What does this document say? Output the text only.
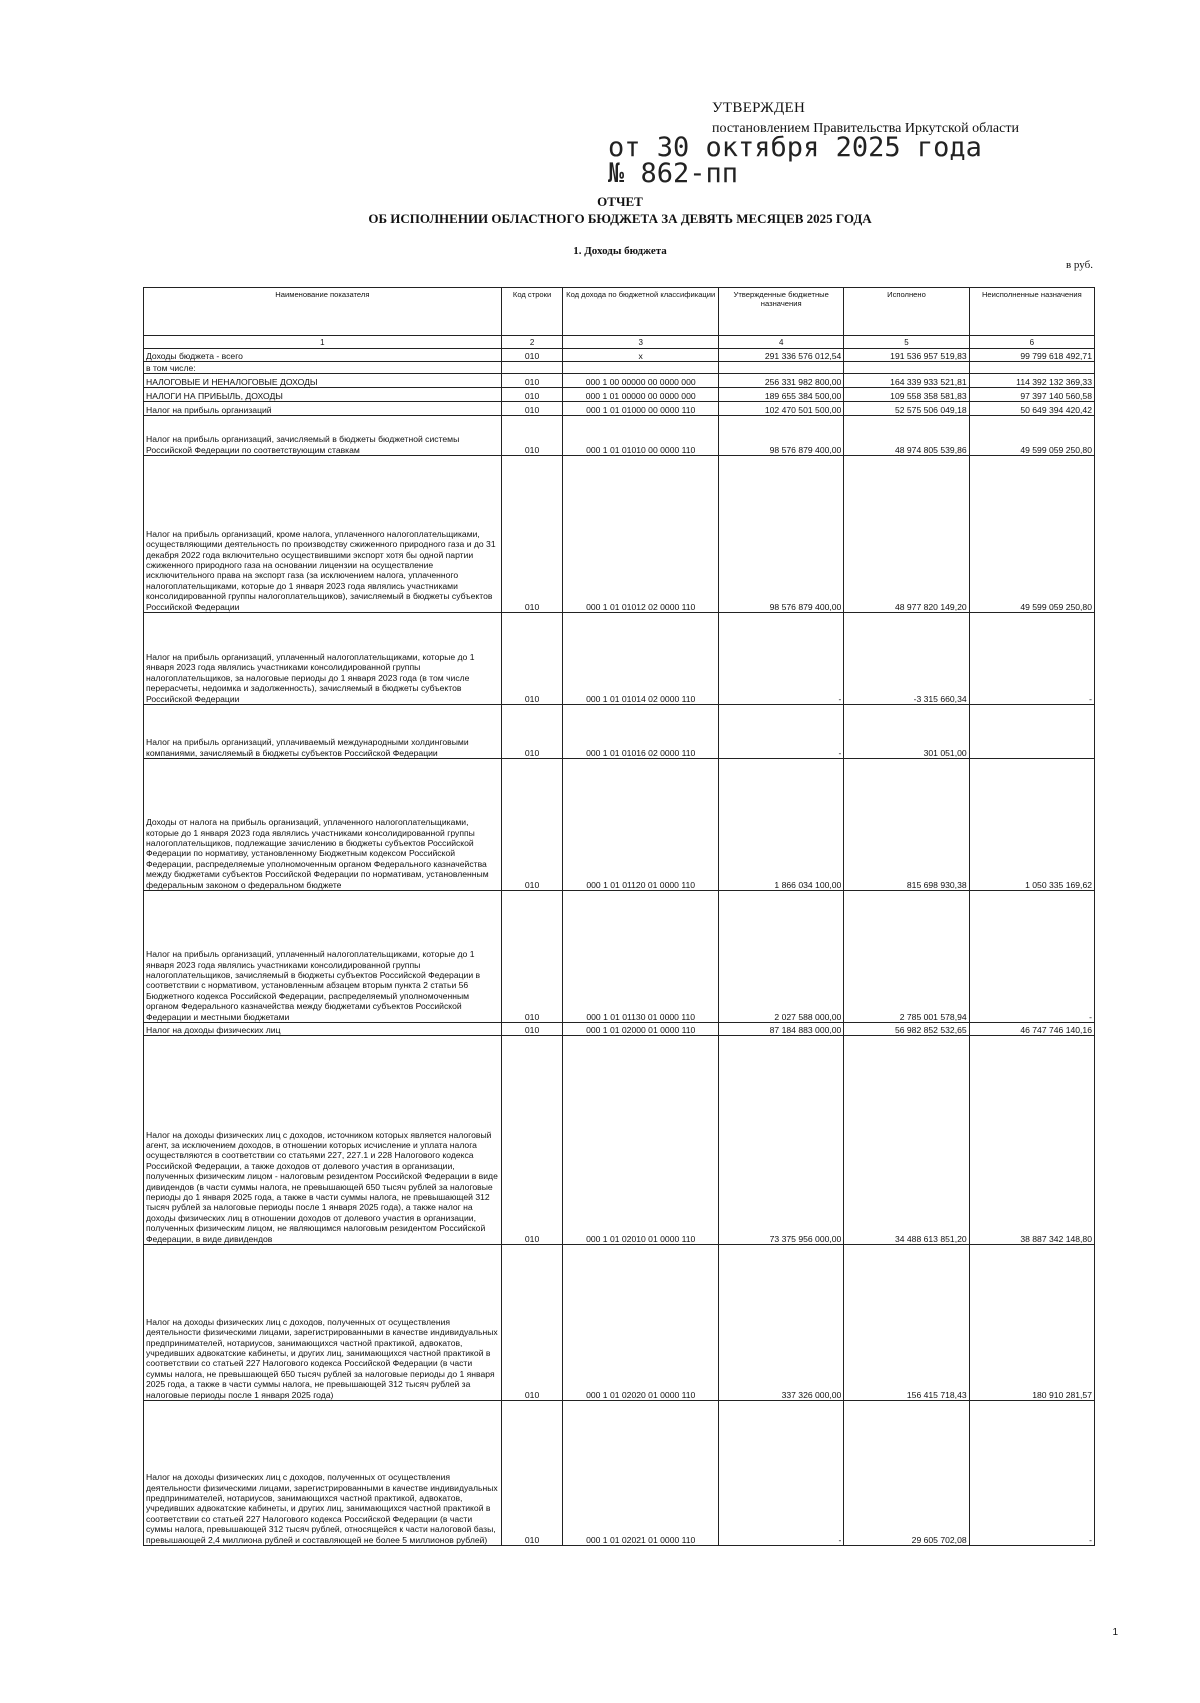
УТВЕРЖДЕН
постановлением Правительства Иркутской области
от 30 октября 2025 года
№ 862-пп
ОТЧЕТ
ОБ ИСПОЛНЕНИИ ОБЛАСТНОГО БЮДЖЕТА ЗА ДЕВЯТЬ МЕСЯЦЕВ 2025 ГОДА
1. Доходы бюджета
в руб.
Наименование показателя	Код строки	Код дохода по бюджетной классификации	Утвержденные бюджетные назначения	Исполнено	Неисполненные назначения
1	2	3	4	5	6
Доходы бюджета - всего	010	x	291 336 576 012,54	191 536 957 519,83	99 799 618 492,71
в том числе:					
НАЛОГОВЫЕ И НЕНАЛОГОВЫЕ ДОХОДЫ	010	000 1 00 00000 00 0000 000	256 331 982 800,00	164 339 933 521,81	114 392 132 369,33
НАЛОГИ НА ПРИБЫЛЬ, ДОХОДЫ	010	000 1 01 00000 00 0000 000	189 655 384 500,00	109 558 358 581,83	97 397 140 560,58
Налог на прибыль организаций	010	000 1 01 01000 00 0000 110	102 470 501 500,00	52 575 506 049,18	50 649 394 420,42
Налог на прибыль организаций, зачисляемый в бюджеты бюджетной системы Российской Федерации по соответствующим ставкам	010	000 1 01 01010 00 0000 110	98 576 879 400,00	48 974 805 539,86	49 599 059 250,80
Налог на прибыль организаций, кроме налога, уплаченного налогоплательщиками, осуществляющими деятельность по производству сжиженного природного газа и до 31 декабря 2022 года включительно осуществившими экспорт хотя бы одной партии сжиженного природного газа на основании лицензии на осуществление исключительного права на экспорт газа (за исключением налога, уплаченного налогоплательщиками, которые до 1 января 2023 года являлись участниками консолидированной группы налогоплательщиков), зачисляемый в бюджеты субъектов Российской Федерации	010	000 1 01 01012 02 0000 110	98 576 879 400,00	48 977 820 149,20	49 599 059 250,80
Налог на прибыль организаций, уплаченный налогоплательщиками, которые до 1 января 2023 года являлись участниками консолидированной группы налогоплательщиков, за налоговые периоды до 1 января 2023 года (в том числе перерасчеты, недоимка и задолженность), зачисляемый в бюджеты субъектов Российской Федерации	010	000 1 01 01014 02 0000 110	-	-3 315 660,34	-
Налог на прибыль организаций, уплачиваемый международными холдинговыми компаниями, зачисляемый в бюджеты субъектов Российской Федерации	010	000 1 01 01016 02 0000 110	-	301 051,00	
Доходы от налога на прибыль организаций, уплаченного налогоплательщиками, которые до 1 января 2023 года являлись участниками консолидированной группы налогоплательщиков, подлежащие зачислению в бюджеты субъектов Российской Федерации по нормативу, установленному Бюджетным кодексом Российской Федерации, распределяемые уполномоченным органом Федерального казначейства между бюджетами субъектов Российской Федерации по нормативам, установленным федеральным законом о федеральном бюджете	010	000 1 01 01120 01 0000 110	1 866 034 100,00	815 698 930,38	1 050 335 169,62
Налог на прибыль организаций, уплаченный налогоплательщиками, которые до 1 января 2023 года являлись участниками консолидированной группы налогоплательщиков, зачисляемый в бюджеты субъектов Российской Федерации в соответствии с нормативом, установленным абзацем вторым пункта 2 статьи 56 Бюджетного кодекса Российской Федерации, распределяемый уполномоченным органом Федерального казначейства между бюджетами субъектов Российской Федерации и местными бюджетами	010	000 1 01 01130 01 0000 110	2 027 588 000,00	2 785 001 578,94	-
Налог на доходы физических лиц	010	000 1 01 02000 01 0000 110	87 184 883 000,00	56 982 852 532,65	46 747 746 140,16
Налог на доходы физических лиц с доходов, источником которых является налоговый агент, за исключением доходов, в отношении которых исчисление и уплата налога осуществляются в соответствии со статьями 227, 227.1 и 228 Налогового кодекса Российской Федерации, а также доходов от долевого участия в организации, полученных физическим лицом - налоговым резидентом Российской Федерации в виде дивидендов (в части суммы налога, не превышающей 650 тысяч рублей за налоговые периоды до 1 января 2025 года, а также в части суммы налога, не превышающей 312 тысяч рублей за налоговые периоды после 1 января 2025 года), а также налог на доходы физических лиц в отношении доходов от долевого участия в организации, полученных физическим лицом, не являющимся налоговым резидентом Российской Федерации, в виде дивидендов	010	000 1 01 02010 01 0000 110	73 375 956 000,00	34 488 613 851,20	38 887 342 148,80
Налог на доходы физических лиц с доходов, полученных от осуществления деятельности физическими лицами, зарегистрированными в качестве индивидуальных предпринимателей, нотариусов, занимающихся частной практикой, адвокатов, учредивших адвокатские кабинеты, и других лиц, занимающихся частной практикой в соответствии со статьей 227 Налогового кодекса Российской Федерации (в части суммы налога, не превышающей 650 тысяч рублей за налоговые периоды до 1 января 2025 года, а также в части суммы налога, не превышающей 312 тысяч рублей за налоговые периоды после 1 января 2025 года)	010	000 1 01 02020 01 0000 110	337 326 000,00	156 415 718,43	180 910 281,57
Налог на доходы физических лиц с доходов, полученных от осуществления деятельности физическими лицами, зарегистрированными в качестве индивидуальных предпринимателей, нотариусов, занимающихся частной практикой, адвокатов, учредивших адвокатские кабинеты, и других лиц, занимающихся частной практикой в соответствии со статьей 227 Налогового кодекса Российской Федерации (в части суммы налога, превышающей 312 тысяч рублей, относящейся к части налоговой базы, превышающей 2,4 миллиона рублей и составляющей не более 5 миллионов рублей)	010	000 1 01 02021 01 0000 110	-	29 605 702,08	-
1
